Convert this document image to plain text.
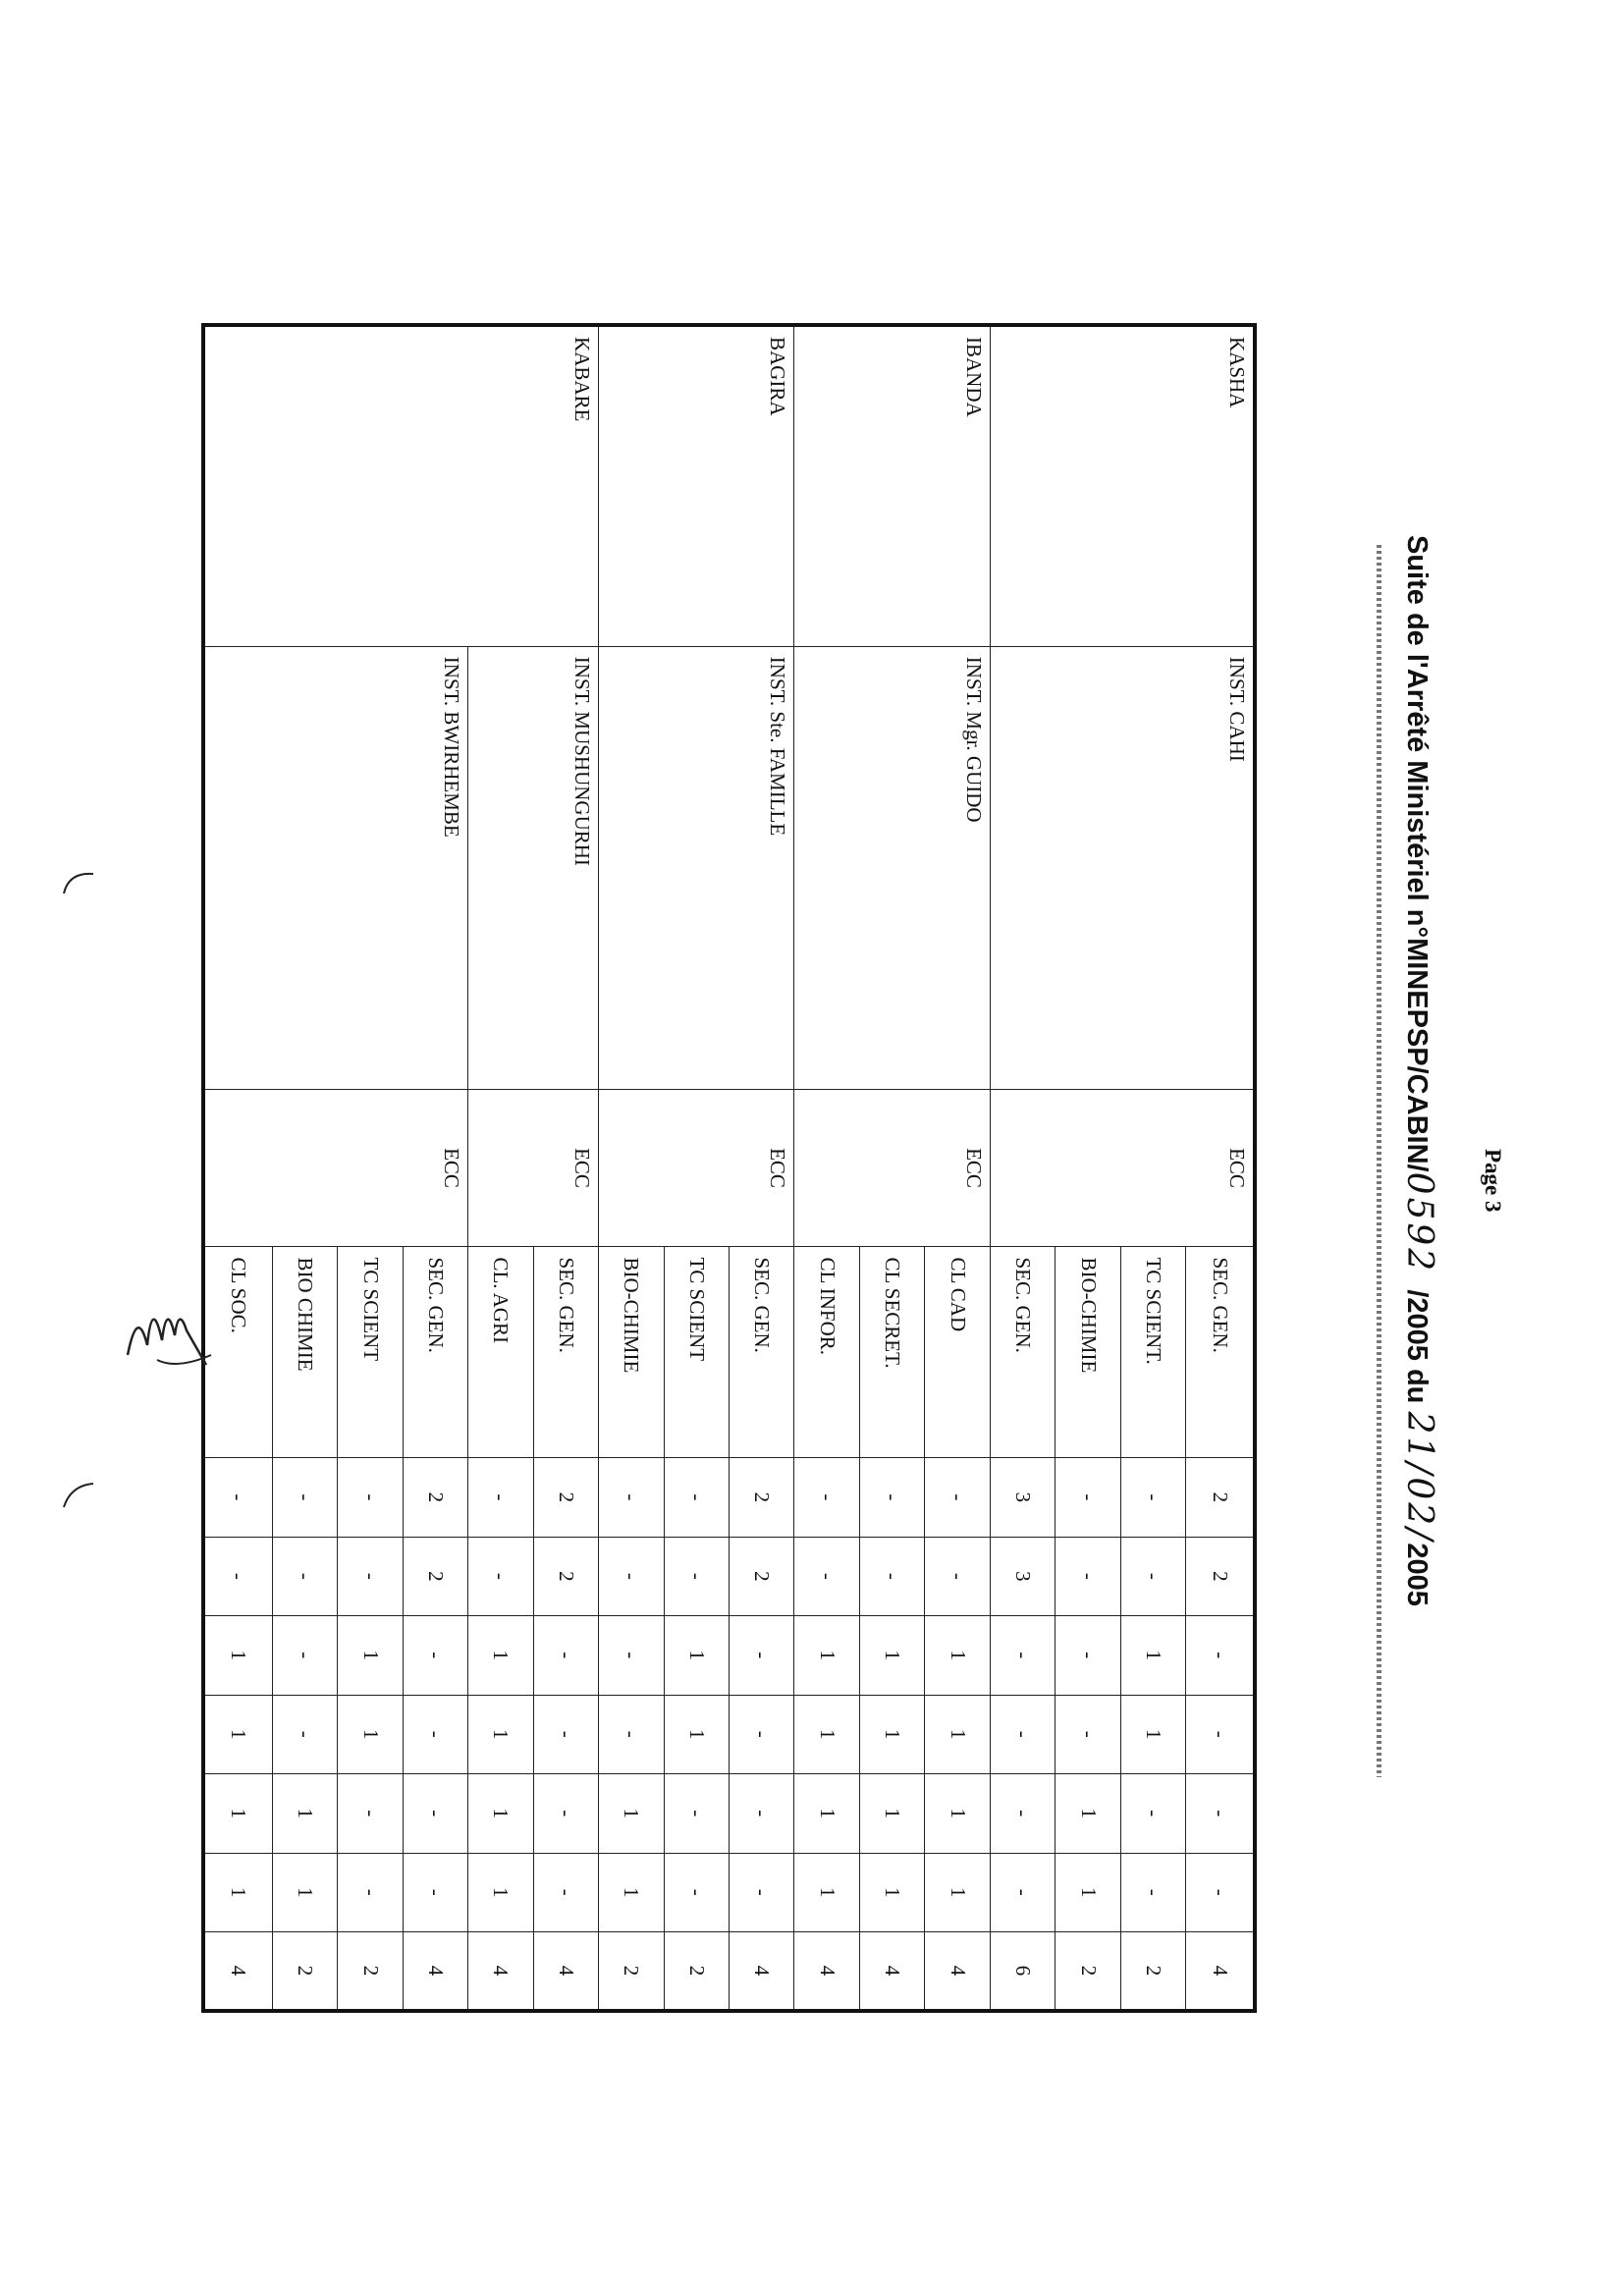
Page 3
Suite de l'Arrêté Ministériel n°MINEPSP/CABIN/0592  /2005 du 21/02/2005
KASHA	INST. CAHI	ECC	SEC. GEN.	2	2	-	-	-	-	4
			TC SCIENT.	-	-	1	1	-	-	2
			BIO-CHIMIE	-	-	-	-	1	1	2
			SEC. GEN.	3	3	-	-	-	-	6
IBANDA	INST. Mgr. GUIDO	ECC	CL CAD	-	-	1	1	1	1	4
			CL SECRET.	-	-	1	1	1	1	4
			CL INFOR.	-	-	1	1	1	1	4
BAGIRA	INST. Ste. FAMILLE	ECC	SEC. GEN.	2	2	-	-	-	-	4
			TC SCIENT	-	-	1	1	-	-	2
			BIO-CHIMIE	-	-	-	-	1	1	2
KABARE	INST. MUSHUNGURHI	ECC	SEC. GEN.	2	2	-	-	-	-	4
			CL. AGRI	-	-	1	1	1	1	4
	INST. BWIRHEMBE	ECC	SEC. GEN.	2	2	-	-	-	-	4
			TC SCIENT	-	-	1	1	-	-	2
			BIO CHIMIE	-	-	-	-	1	1	2
			CL SOC.	-	-	1	1	1	1	4
